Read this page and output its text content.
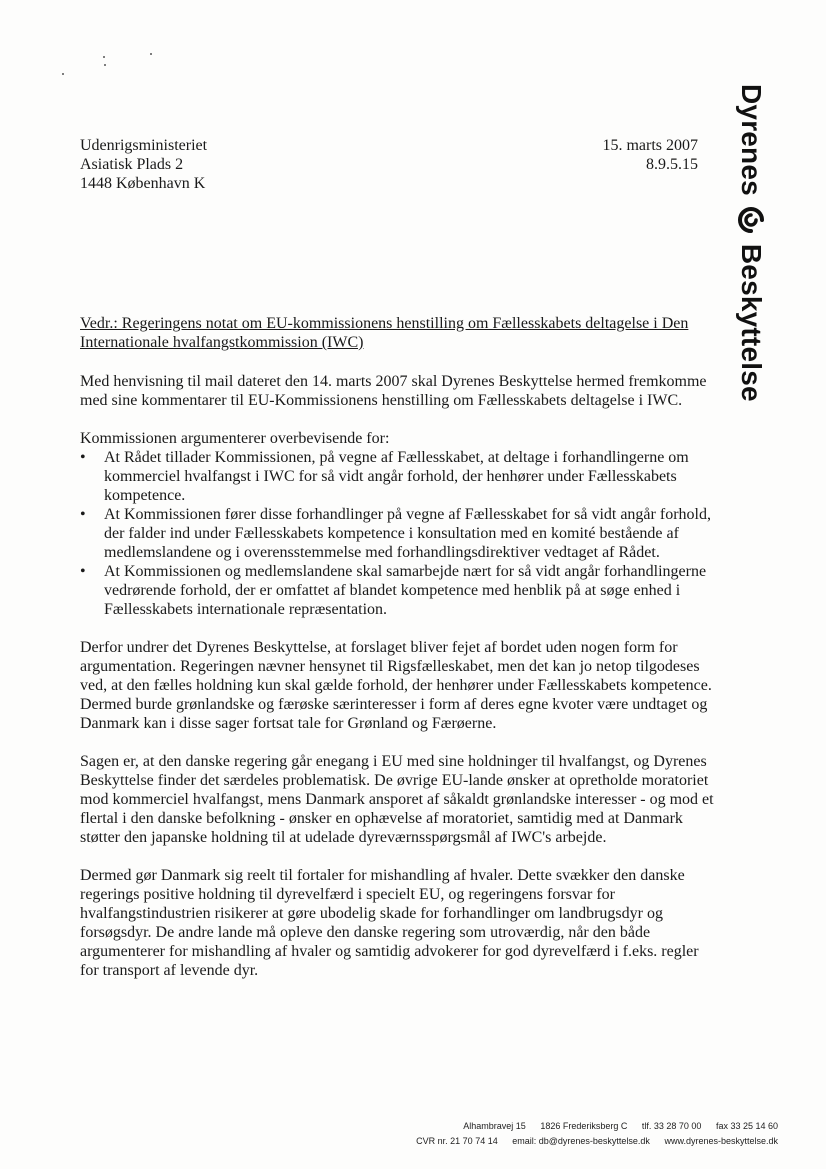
Udenrigsministeriet
Asiatisk Plads 2
1448 København K
15. marts 2007
8.9.5.15 Dyrenes  Beskyttelse
Vedr.: Regeringens notat om EU-kommissionens henstilling om Fællesskabets deltagelse i Den Internationale hvalfangstkommission (IWC)

Med henvisning til mail dateret den 14. marts 2007 skal Dyrenes Beskyttelse hermed fremkomme med sine kommentarer til EU-Kommissionens henstilling om Fællesskabets deltagelse i IWC.

Kommissionen argumenterer overbevisende for:

• At Rådet tillader Kommissionen, på vegne af Fællesskabet, at deltage i forhandlingerne om kommerciel hvalfangst i IWC for så vidt angår forhold, der henhører under Fællesskabets kompetence.
• At Kommissionen fører disse forhandlinger på vegne af Fællesskabet for så vidt angår forhold, der falder ind under Fællesskabets kompetence i konsultation med en komité bestående af medlemslandene og i overensstemmelse med forhandlingsdirektiver vedtaget af Rådet.
• At Kommissionen og medlemslandene skal samarbejde nært for så vidt angår forhandlingerne vedrørende forhold, der er omfattet af blandet kompetence med henblik på at søge enhed i Fællesskabets internationale repræsentation.

Derfor undrer det Dyrenes Beskyttelse, at forslaget bliver fejet af bordet uden nogen form for argumentation. Regeringen nævner hensynet til Rigsfælleskabet, men det kan jo netop tilgodeses ved, at den fælles holdning kun skal gælde forhold, der henhører under Fællesskabets kompetence. Dermed burde grønlandske og færøske særinteresser i form af deres egne kvoter være undtaget og Danmark kan i disse sager fortsat tale for Grønland og Færøerne.

Sagen er, at den danske regering går enegang i EU med sine holdninger til hvalfangst, og Dyrenes Beskyttelse finder det særdeles problematisk. De øvrige EU-lande ønsker at opretholde moratoriet mod kommerciel hvalfangst, mens Danmark ansporet af såkaldt grønlandske interesser - og mod et flertal i den danske befolkning - ønsker en ophævelse af moratoriet, samtidig med at Danmark støtter den japanske holdning til at udelade dyreværnsspørgsmål af IWC's arbejde.

Dermed gør Danmark sig reelt til fortaler for mishandling af hvaler. Dette svækker den danske regerings positive holdning til dyrevelfærd i specielt EU, og regeringens forsvar for hvalfangstindustrien risikerer at gøre ubodelig skade for forhandlinger om landbrugsdyr og forsøgsdyr. De andre lande må opleve den danske regering som utroværdig, når den både argumenterer for mishandling af hvaler og samtidig advokerer for god dyrevelfærd i f.eks. regler for transport af levende dyr.

Alhambravej 15 1826 Frederiksberg C tlf. 33 28 70 00 fax 33 25 14 60
CVR nr. 21 70 74 14 email: db@dyrenes-beskyttelse.dk www.dyrenes-beskyttelse.dk
